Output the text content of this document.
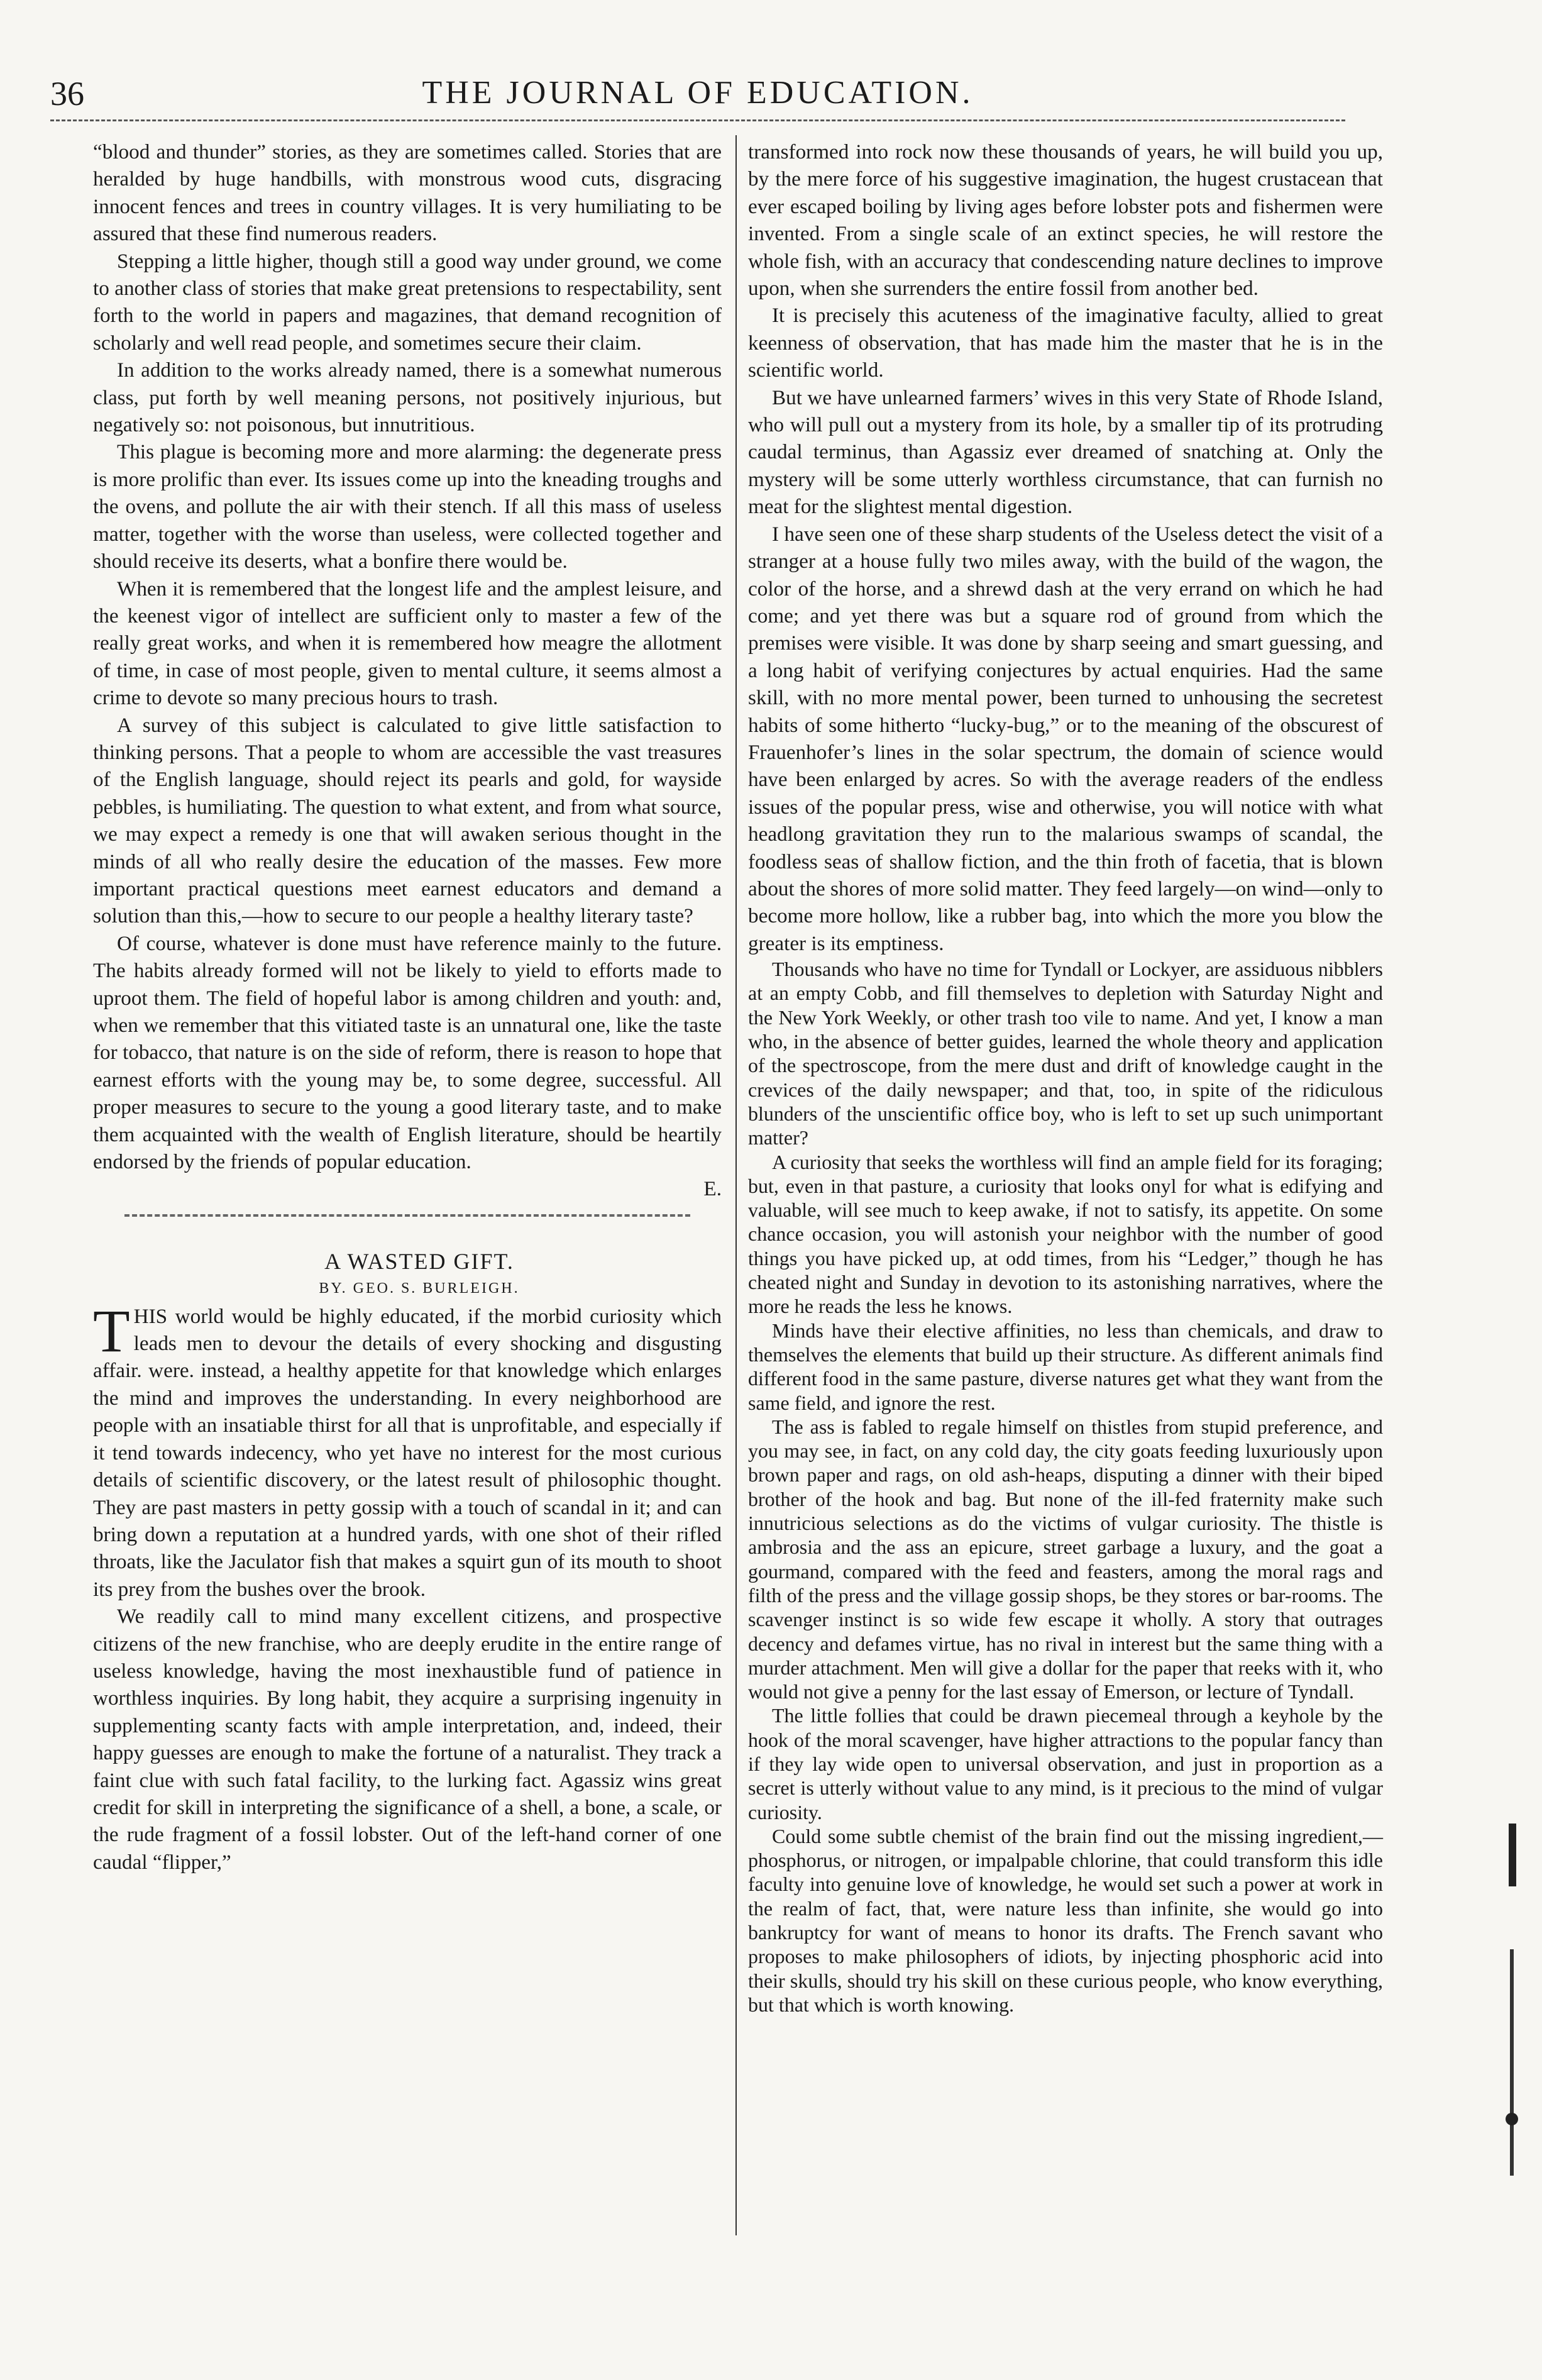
36	THE JOURNAL OF EDUCATION.

“blood and thunder” stories, as they are sometimes called. Stories that are heralded by huge handbills, with monstrous wood cuts, disgracing innocent fences and trees in country villages. It is very humiliating to be assured that these find numerous readers.

Stepping a little higher, though still a good way under ground, we come to another class of stories that make great pretensions to respectability, sent forth to the world in papers and magazines, that demand recognition of scholarly and well read people, and sometimes secure their claim.

In addition to the works already named, there is a somewhat numerous class, put forth by well meaning persons, not positively injurious, but negatively so: not poisonous, but innutritious.

This plague is becoming more and more alarming: the degenerate press is more prolific than ever. Its issues come up into the kneading troughs and the ovens, and pollute the air with their stench. If all this mass of useless matter, together with the worse than useless, were collected together and should receive its deserts, what a bonfire there would be.

When it is remembered that the longest life and the amplest leisure, and the keenest vigor of intellect are sufficient only to master a few of the really great works, and when it is remembered how meagre the allotment of time, in case of most people, given to mental culture, it seems almost a crime to devote so many precious hours to trash.

A survey of this subject is calculated to give little satisfaction to thinking persons. That a people to whom are accessible the vast treasures of the English language, should reject its pearls and gold, for wayside pebbles, is humiliating. The question to what extent, and from what source, we may expect a remedy is one that will awaken serious thought in the minds of all who really desire the education of the masses. Few more important practical questions meet earnest educators and demand a solution than this,—how to secure to our people a healthy literary taste?

Of course, whatever is done must have reference mainly to the future. The habits already formed will not be likely to yield to efforts made to uproot them. The field of hopeful labor is among children and youth: and, when we remember that this vitiated taste is an unnatural one, like the taste for tobacco, that nature is on the side of reform, there is reason to hope that earnest efforts with the young may be, to some degree, successful. All proper measures to secure to the young a good literary taste, and to make them acquainted with the wealth of English literature, should be heartily endorsed by the friends of popular education.

E.

A WASTED GIFT.

BY. GEO. S. BURLEIGH.

THIS world would be highly educated, if the morbid curiosity which leads men to devour the details of every shocking and disgusting affair. were. instead, a healthy appetite for that knowledge which enlarges the mind and improves the understanding. In every neighborhood are people with an insatiable thirst for all that is unprofitable, and especially if it tend towards indecency, who yet have no interest for the most curious details of scientific discovery, or the latest result of philosophic thought. They are past masters in petty gossip with a touch of scandal in it; and can bring down a reputation at a hundred yards, with one shot of their rifled throats, like the Jaculator fish that makes a squirt gun of its mouth to shoot its prey from the bushes over the brook.

We readily call to mind many excellent citizens, and prospective citizens of the new franchise, who are deeply erudite in the entire range of useless knowledge, having the most inexhaustible fund of patience in worthless inquiries. By long habit, they acquire a surprising ingenuity in supplementing scanty facts with ample interpretation, and, indeed, their happy guesses are enough to make the fortune of a naturalist. They track a faint clue with such fatal facility, to the lurking fact. Agassiz wins great credit for skill in interpreting the significance of a shell, a bone, a scale, or the rude fragment of a fossil lobster. Out of the left-hand corner of one caudal “flipper,”

transformed into rock now these thousands of years, he will build you up, by the mere force of his suggestive imagination, the hugest crustacean that ever escaped boiling by living ages before lobster pots and fishermen were invented. From a single scale of an extinct species, he will restore the whole fish, with an accuracy that condescending nature declines to improve upon, when she surrenders the entire fossil from another bed.

It is precisely this acuteness of the imaginative faculty, allied to great keenness of observation, that has made him the master that he is in the scientific world.

But we have unlearned farmers’ wives in this very State of Rhode Island, who will pull out a mystery from its hole, by a smaller tip of its protruding caudal terminus, than Agassiz ever dreamed of snatching at. Only the mystery will be some utterly worthless circumstance, that can furnish no meat for the slightest mental digestion.

I have seen one of these sharp students of the Useless detect the visit of a stranger at a house fully two miles away, with the build of the wagon, the color of the horse, and a shrewd dash at the very errand on which he had come; and yet there was but a square rod of ground from which the premises were visible. It was done by sharp seeing and smart guessing, and a long habit of verifying conjectures by actual enquiries. Had the same skill, with no more mental power, been turned to unhousing the secretest habits of some hitherto “lucky-bug,” or to the meaning of the obscurest of Frauenhofer’s lines in the solar spectrum, the domain of science would have been enlarged by acres. So with the average readers of the endless issues of the popular press, wise and otherwise, you will notice with what headlong gravitation they run to the malarious swamps of scandal, the foodless seas of shallow fiction, and the thin froth of facetia, that is blown about the shores of more solid matter. They feed largely—on wind—only to become more hollow, like a rubber bag, into which the more you blow the greater is its emptiness.

Thousands who have no time for Tyndall or Lockyer, are assiduous nibblers at an empty Cobb, and fill themselves to depletion with Saturday Night and the New York Weekly, or other trash too vile to name. And yet, I know a man who, in the absence of better guides, learned the whole theory and application of the spectroscope, from the mere dust and drift of knowledge caught in the crevices of the daily newspaper; and that, too, in spite of the ridiculous blunders of the unscientific office boy, who is left to set up such unimportant matter?

A curiosity that seeks the worthless will find an ample field for its foraging; but, even in that pasture, a curiosity that looks onyl for what is edifying and valuable, will see much to keep awake, if not to satisfy, its appetite. On some chance occasion, you will astonish your neighbor with the number of good things you have picked up, at odd times, from his “Ledger,” though he has cheated night and Sunday in devotion to its astonishing narratives, where the more he reads the less he knows.

Minds have their elective affinities, no less than chemicals, and draw to themselves the elements that build up their structure. As different animals find different food in the same pasture, diverse natures get what they want from the same field, and ignore the rest.

The ass is fabled to regale himself on thistles from stupid preference, and you may see, in fact, on any cold day, the city goats feeding luxuriously upon brown paper and rags, on old ash-heaps, disputing a dinner with their biped brother of the hook and bag. But none of the ill-fed fraternity make such innutricious selections as do the victims of vulgar curiosity. The thistle is ambrosia and the ass an epicure, street garbage a luxury, and the goat a gourmand, compared with the feed and feasters, among the moral rags and filth of the press and the village gossip shops, be they stores or bar-rooms. The scavenger instinct is so wide few escape it wholly. A story that outrages decency and defames virtue, has no rival in interest but the same thing with a murder attachment. Men will give a dollar for the paper that reeks with it, who would not give a penny for the last essay of Emerson, or lecture of Tyndall.

The little follies that could be drawn piecemeal through a keyhole by the hook of the moral scavenger, have higher attractions to the popular fancy than if they lay wide open to universal observation, and just in proportion as a secret is utterly without value to any mind, is it precious to the mind of vulgar curiosity.

Could some subtle chemist of the brain find out the missing ingredient,—phosphorus, or nitrogen, or impalpable chlorine, that could transform this idle faculty into genuine love of knowledge, he would set such a power at work in the realm of fact, that, were nature less than infinite, she would go into bankruptcy for want of means to honor its drafts. The French savant who proposes to make philosophers of idiots, by injecting phosphoric acid into their skulls, should try his skill on these curious people, who know everything, but that which is worth knowing.
